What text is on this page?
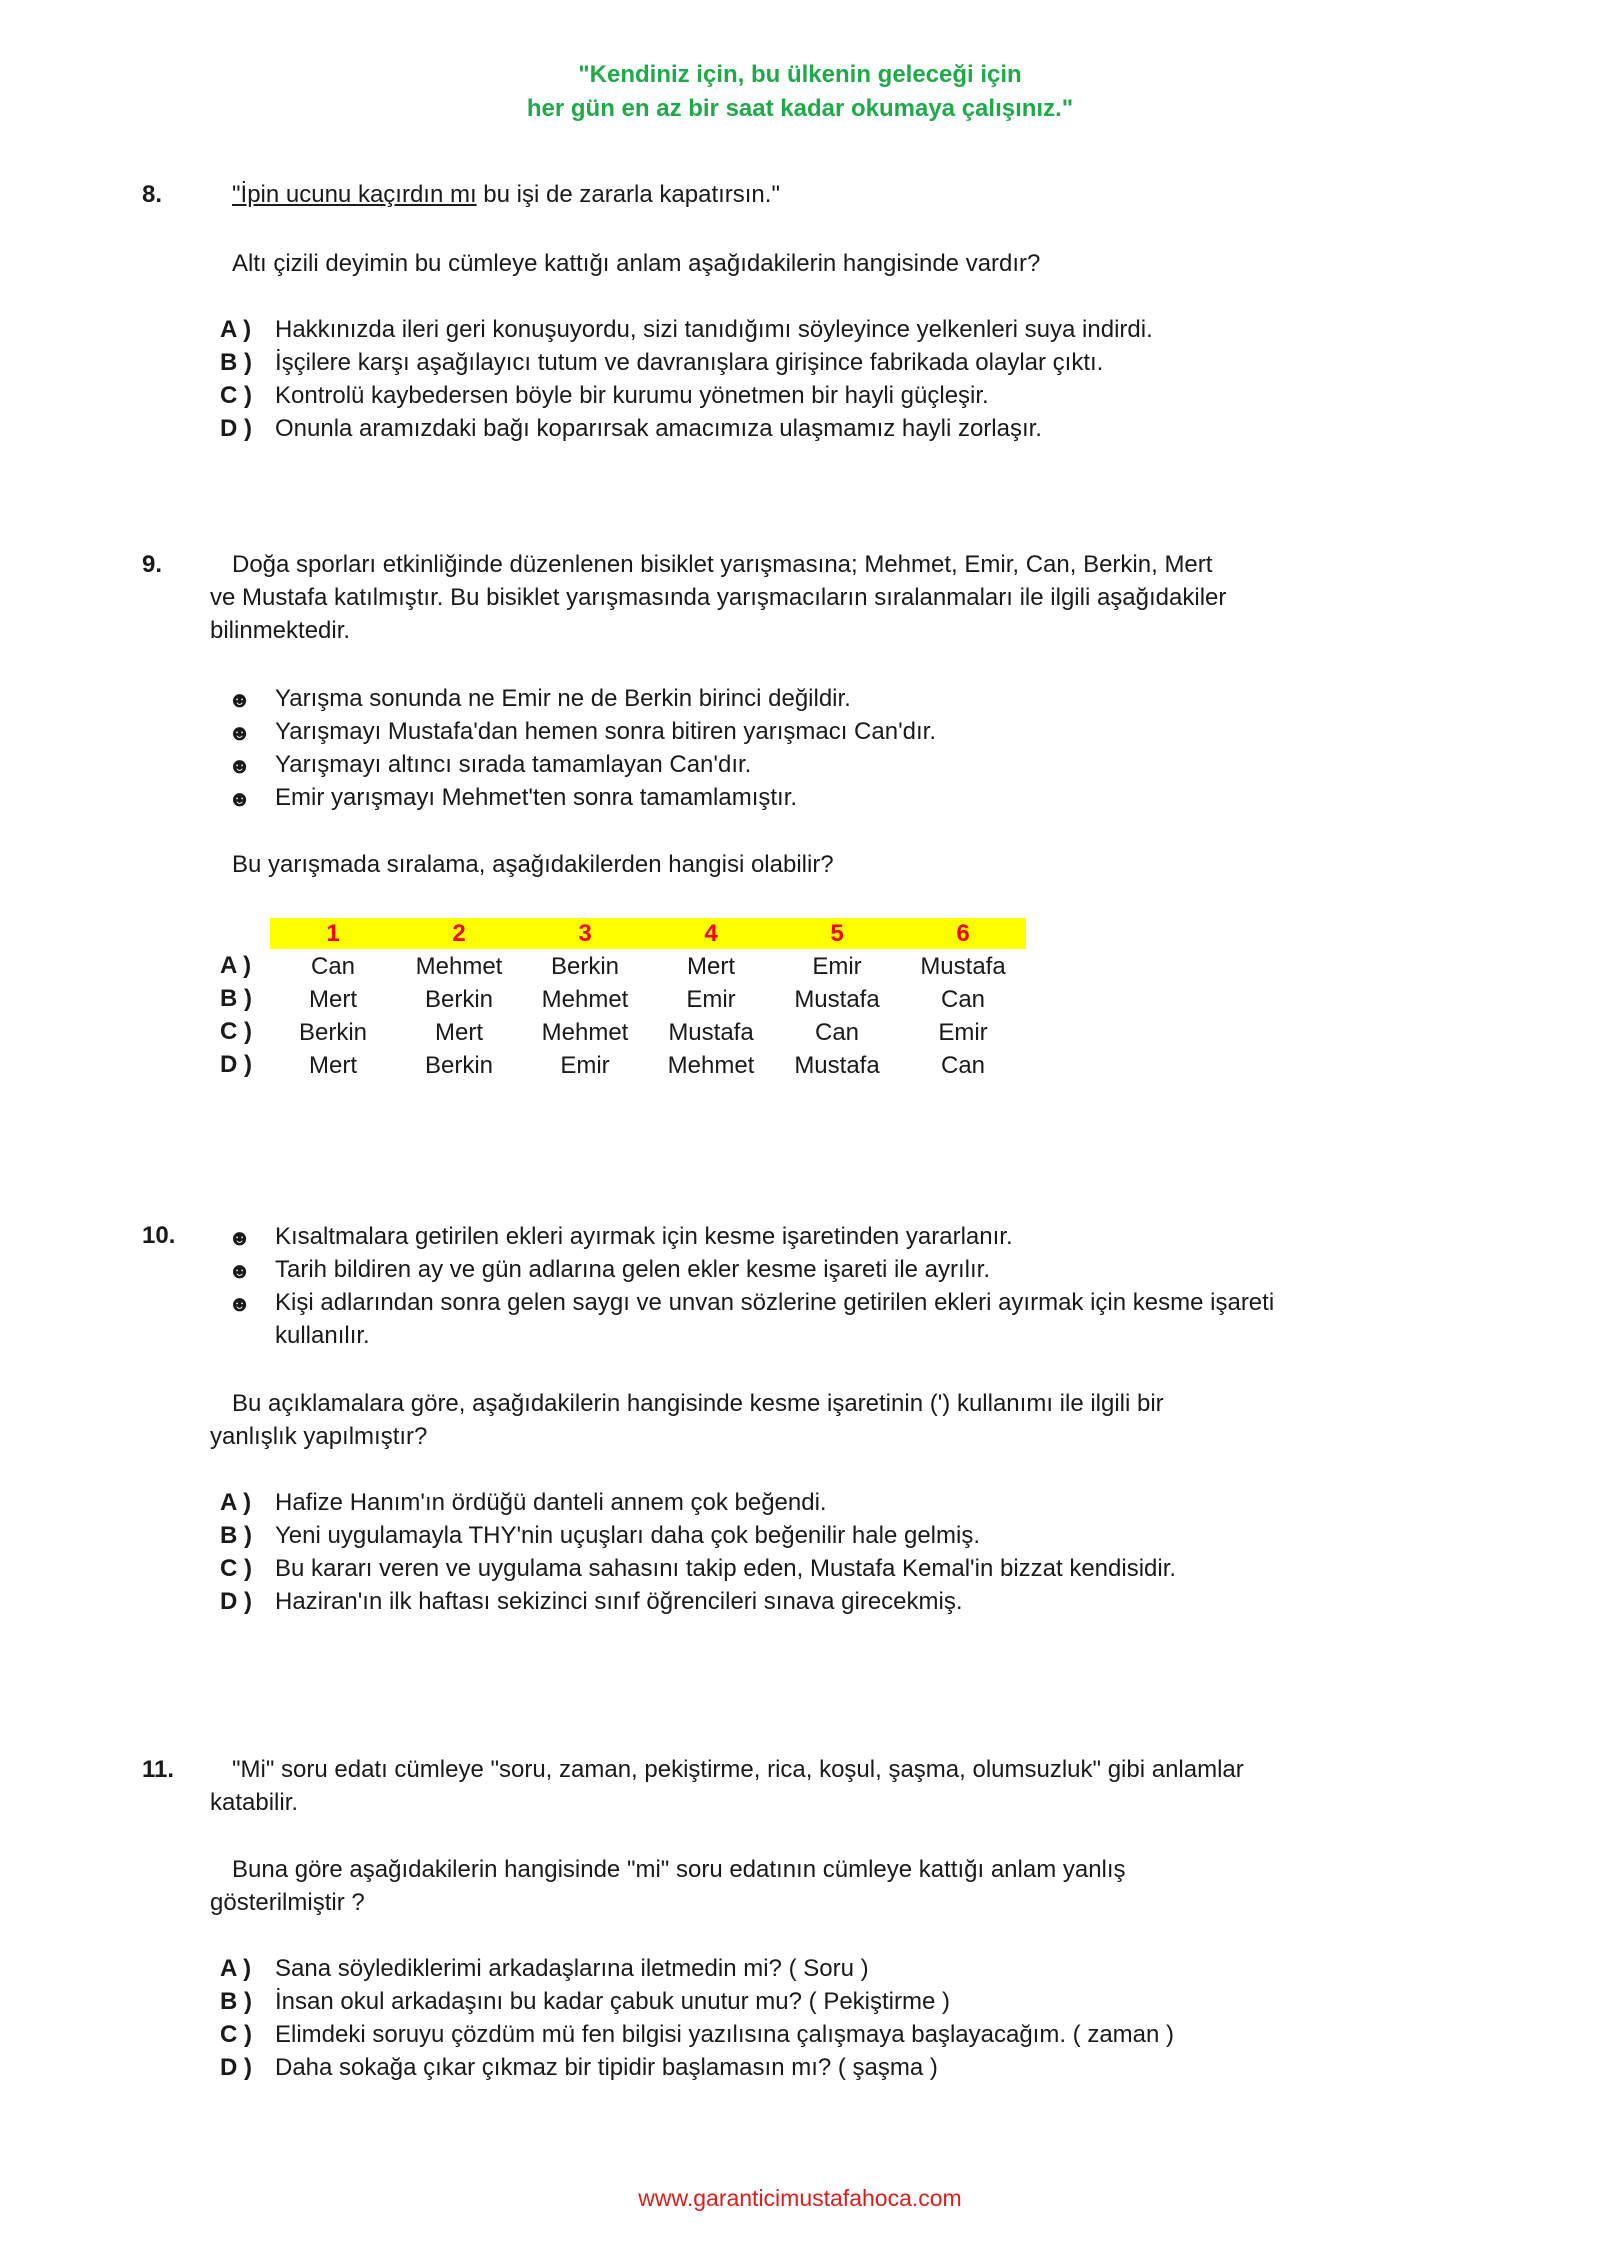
"Kendiniz için, bu ülkenin geleceği için
her gün en az bir saat kadar okumaya çalışınız."
8.	"İpin ucunu kaçırdın mı bu işi de zararla kapatırsın."
Altı çizili deyimin bu cümleye kattığı anlam aşağıdakilerin hangisinde vardır?
A ) Hakkınızda ileri geri konuşuyordu, sizi tanıdığımı söyleyince yelkenleri suya indirdi.
B ) İşçilere karşı aşağılayıcı tutum ve davranışlara girişince fabrikada olaylar çıktı.
C ) Kontrolü kaybedersen böyle bir kurumu yönetmen bir hayli güçleşir.
D ) Onunla aramızdaki bağı koparırsak amacımıza ulaşmamız hayli zorlaşır.
9.	Doğa sporları etkinliğinde düzenlenen bisiklet yarışmasına; Mehmet, Emir, Can, Berkin, Mert
ve Mustafa katılmıştır. Bu bisiklet yarışmasında yarışmacıların sıralanmaları ile ilgili aşağıdakiler
bilinmektedir.
☻ Yarışma sonunda ne Emir ne de Berkin birinci değildir.
☻ Yarışmayı Mustafa'dan hemen sonra bitiren yarışmacı Can'dır.
☻ Yarışmayı altıncı sırada tamamlayan Can'dır.
☻ Emir yarışmayı Mehmet'ten sonra tamamlamıştır.
Bu yarışmada sıralama, aşağıdakilerden hangisi olabilir?
1	2	3	4	5	6
A )	Can	Mehmet	Berkin	Mert	Emir	Mustafa
B )	Mert	Berkin	Mehmet	Emir	Mustafa	Can
C )	Berkin	Mert	Mehmet	Mustafa	Can	Emir
D )	Mert	Berkin	Emir	Mehmet	Mustafa	Can
10. ☻ Kısaltmalara getirilen ekleri ayırmak için kesme işaretinden yararlanır.
☻ Tarih bildiren ay ve gün adlarına gelen ekler kesme işareti ile ayrılır.
☻ Kişi adlarından sonra gelen saygı ve unvan sözlerine getirilen ekleri ayırmak için kesme işareti
kullanılır.
Bu açıklamalara göre, aşağıdakilerin hangisinde kesme işaretinin (') kullanımı ile ilgili bir
yanlışlık yapılmıştır?
A ) Hafize Hanım'ın ördüğü danteli annem çok beğendi.
B ) Yeni uygulamayla THY'nin uçuşları daha çok beğenilir hale gelmiş.
C ) Bu kararı veren ve uygulama sahasını takip eden, Mustafa Kemal'in bizzat kendisidir.
D ) Haziran'ın ilk haftası sekizinci sınıf öğrencileri sınava girecekmiş.
11. "Mi" soru edatı cümleye "soru, zaman, pekiştirme, rica, koşul, şaşma, olumsuzluk" gibi anlamlar
katabilir.
Buna göre aşağıdakilerin hangisinde "mi" soru edatının cümleye kattığı anlam yanlış
gösterilmiştir ?
A ) Sana söylediklerimi arkadaşlarına iletmedin mi? ( Soru )
B ) İnsan okul arkadaşını bu kadar çabuk unutur mu? ( Pekiştirme )
C ) Elimdeki soruyu çözdüm mü fen bilgisi yazılısına çalışmaya başlayacağım. ( zaman )
D ) Daha sokağa çıkar çıkmaz bir tipidir başlamasın mı? ( şaşma )
www.garanticimustafahoca.com
